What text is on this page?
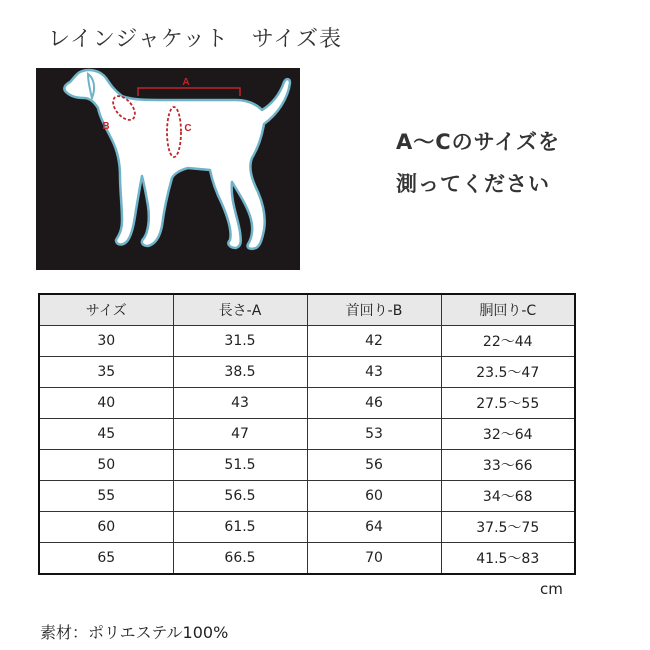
レインジャケット　サイズ表
A
B	C
A～Cのサイズを
測ってください
サイズ	長さ-A	首回り-B	胴回り-C
30	31.5	42	22～44
35	38.5	43	23.5～47
40	43	46	27.5～55
45	47	53	32～64
50	51.5	56	33～66
55	56.5	60	34～68
60	61.5	64	37.5～75
65	66.5	70	41.5～83
cm
素材：ポリエステル100%
